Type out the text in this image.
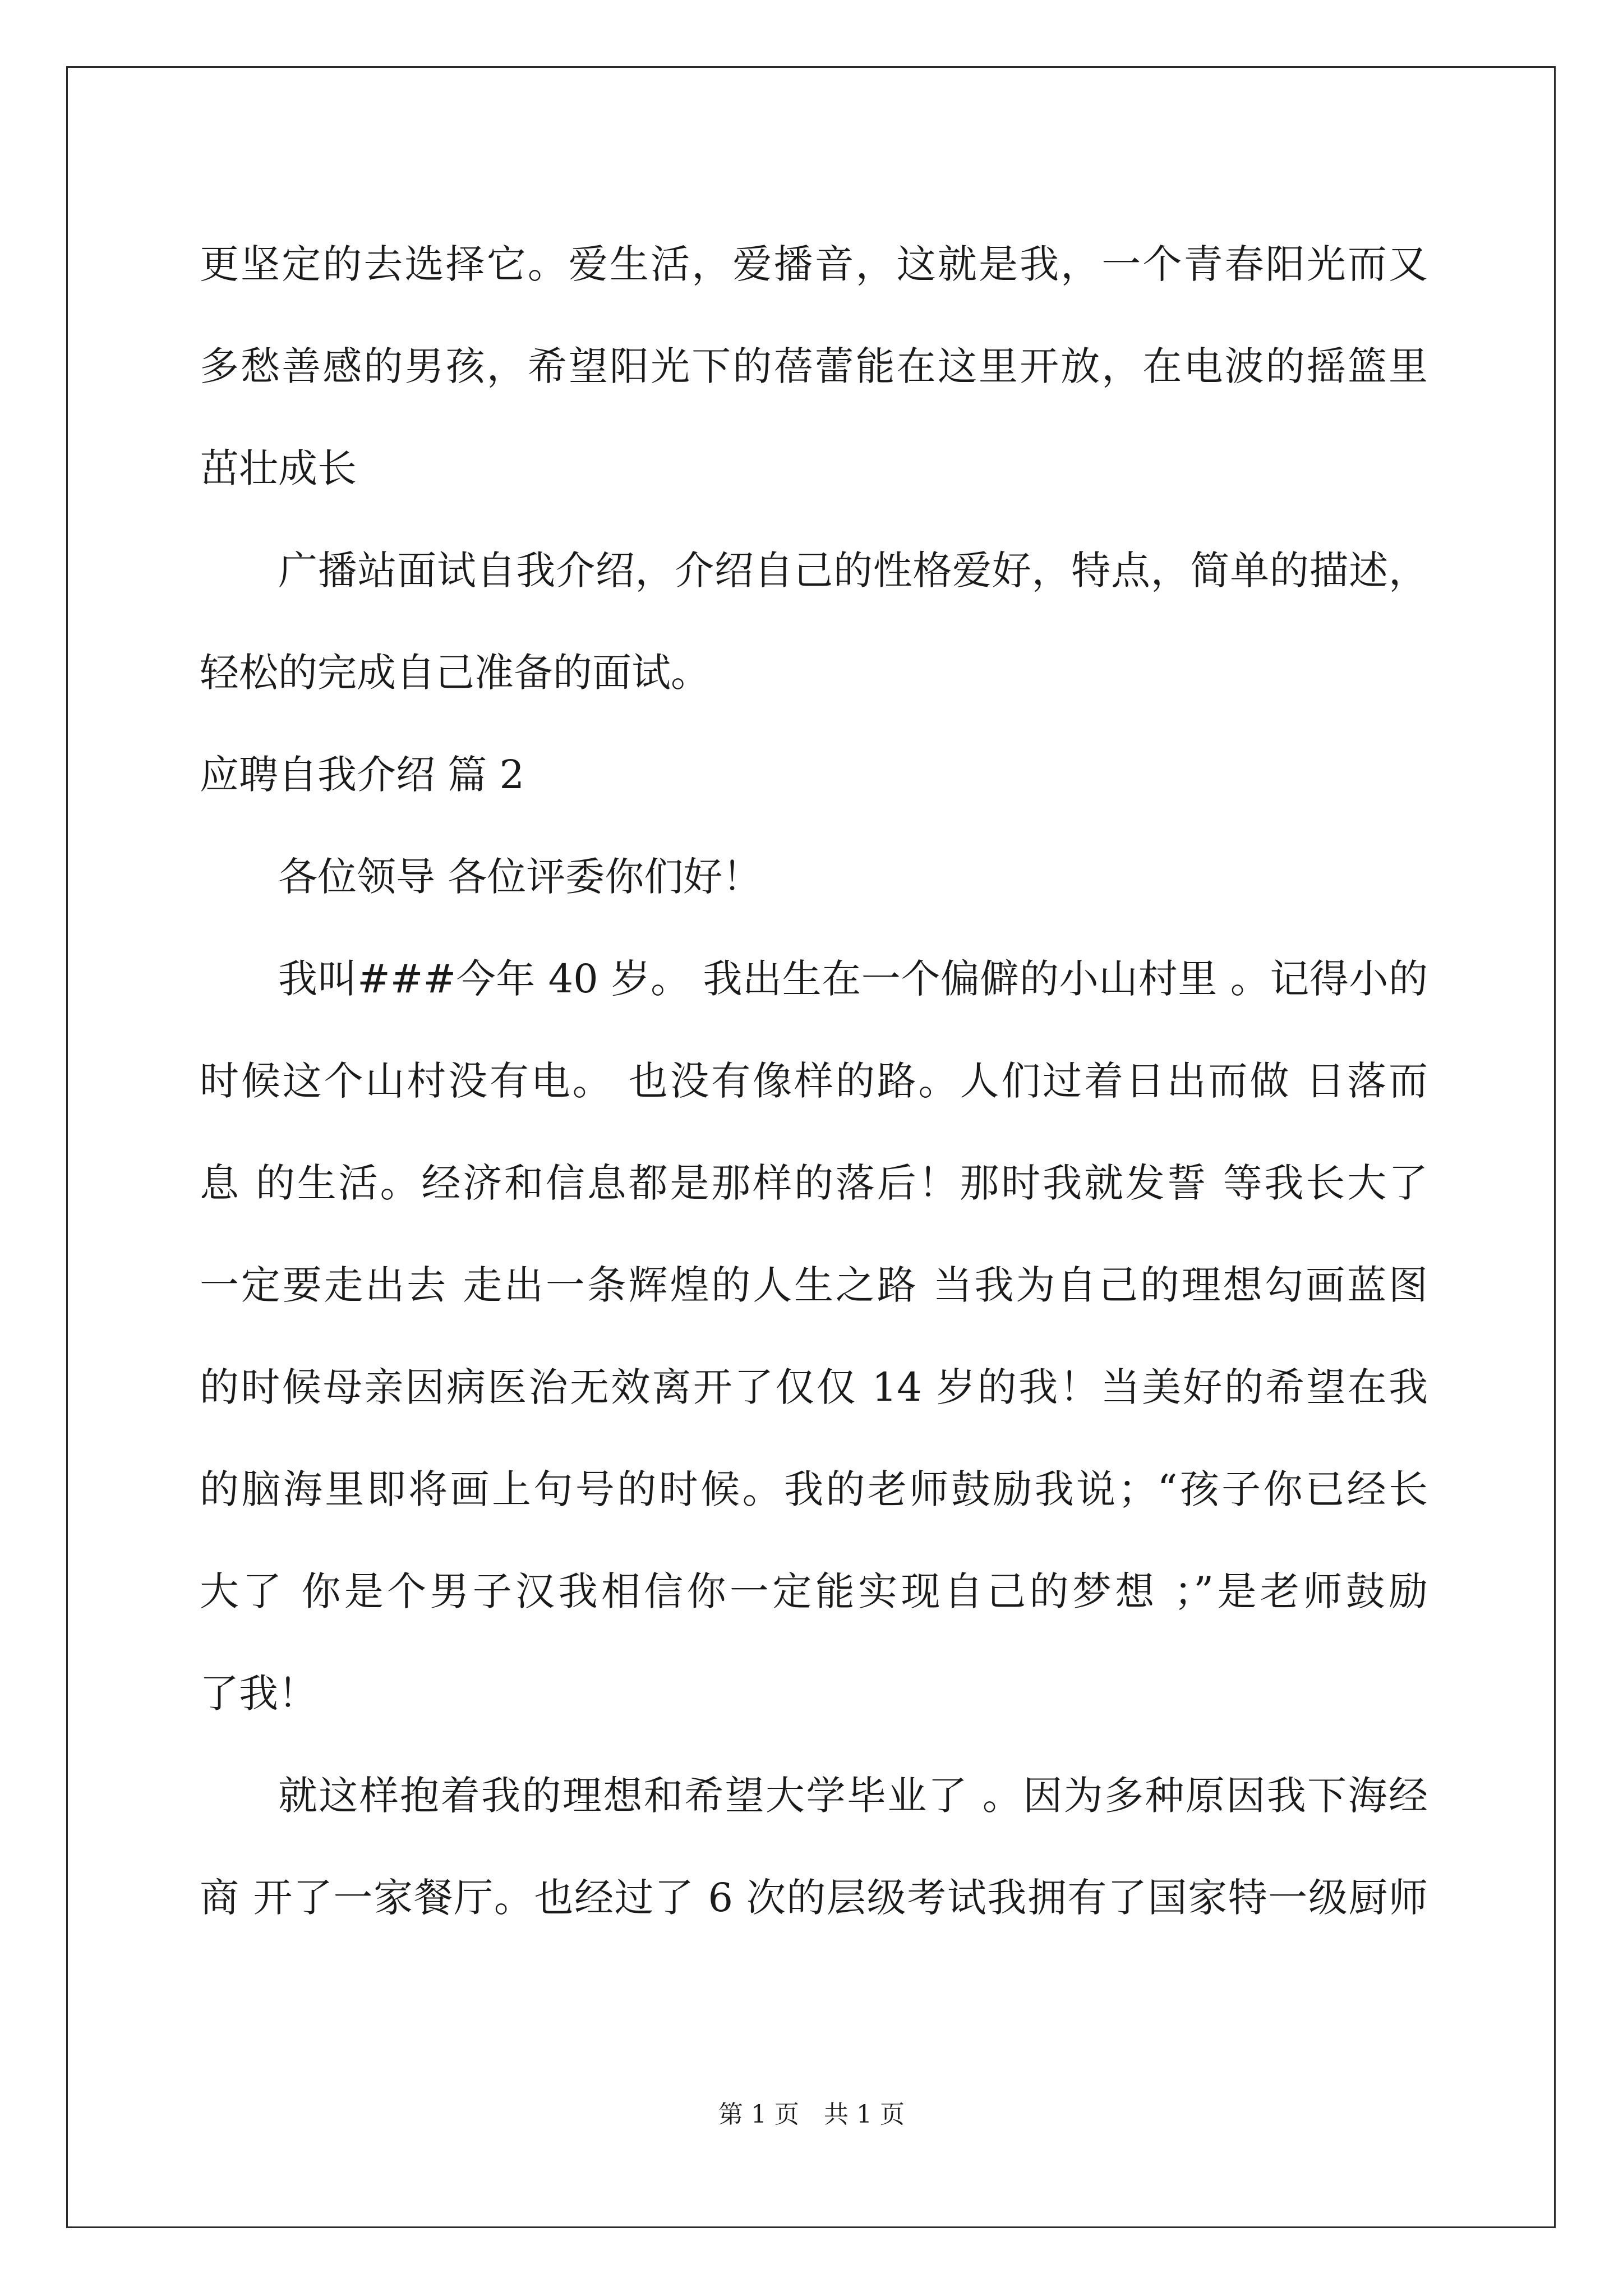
更坚定的去选择它。爱生活，爱播音，这就是我，一个青春阳光而又
多愁善感的男孩，希望阳光下的蓓蕾能在这里开放，在电波的摇篮里
茁壮成长
广播站面试自我介绍，介绍自己的性格爱好，特点，简单的描述，
轻松的完成自己准备的面试。
应聘自我介绍 篇 2
各位领导 各位评委你们好！
我叫###今年 40 岁。 我出生在一个偏僻的小山村里 。记得小的
时候这个山村没有电。 也没有像样的路。人们过着日出而做 日落而
息 的生活。经济和信息都是那样的落后！那时我就发誓 等我长大了
一定要走出去 走出一条辉煌的人生之路 当我为自己的理想勾画蓝图
的时候母亲因病医治无效离开了仅仅 14 岁的我！当美好的希望在我
的脑海里即将画上句号的时候。我的老师鼓励我说；“孩子你已经长
大了 你是个男子汉我相信你一定能实现自己的梦想 ；”是老师鼓励
了我！
就这样抱着我的理想和希望大学毕业了 。因为多种原因我下海经
商 开了一家餐厅。也经过了 6 次的层级考试我拥有了国家特一级厨师
第 1 页　共 1 页
